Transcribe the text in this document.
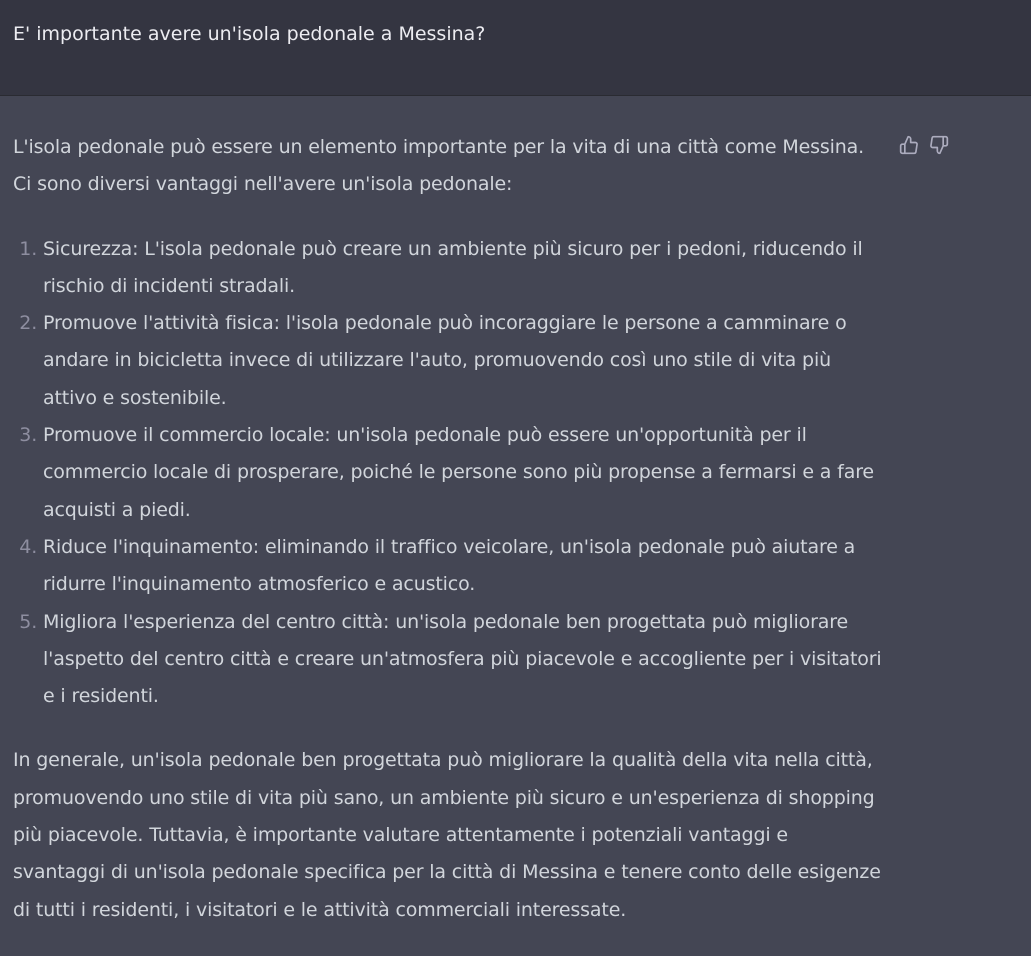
E' importante avere un'isola pedonale a Messina?

L'isola pedonale può essere un elemento importante per la vita di una città come Messina. Ci sono diversi vantaggi nell'avere un'isola pedonale:

1. Sicurezza: L'isola pedonale può creare un ambiente più sicuro per i pedoni, riducendo il rischio di incidenti stradali.
2. Promuove l'attività fisica: l'isola pedonale può incoraggiare le persone a camminare o andare in bicicletta invece di utilizzare l'auto, promuovendo così uno stile di vita più attivo e sostenibile.
3. Promuove il commercio locale: un'isola pedonale può essere un'opportunità per il commercio locale di prosperare, poiché le persone sono più propense a fermarsi e a fare acquisti a piedi.
4. Riduce l'inquinamento: eliminando il traffico veicolare, un'isola pedonale può aiutare a ridurre l'inquinamento atmosferico e acustico.
5. Migliora l'esperienza del centro città: un'isola pedonale ben progettata può migliorare l'aspetto del centro città e creare un'atmosfera più piacevole e accogliente per i visitatori e i residenti.

In generale, un'isola pedonale ben progettata può migliorare la qualità della vita nella città, promuovendo uno stile di vita più sano, un ambiente più sicuro e un'esperienza di shopping più piacevole. Tuttavia, è importante valutare attentamente i potenziali vantaggi e svantaggi di un'isola pedonale specifica per la città di Messina e tenere conto delle esigenze di tutti i residenti, i visitatori e le attività commerciali interessate.
